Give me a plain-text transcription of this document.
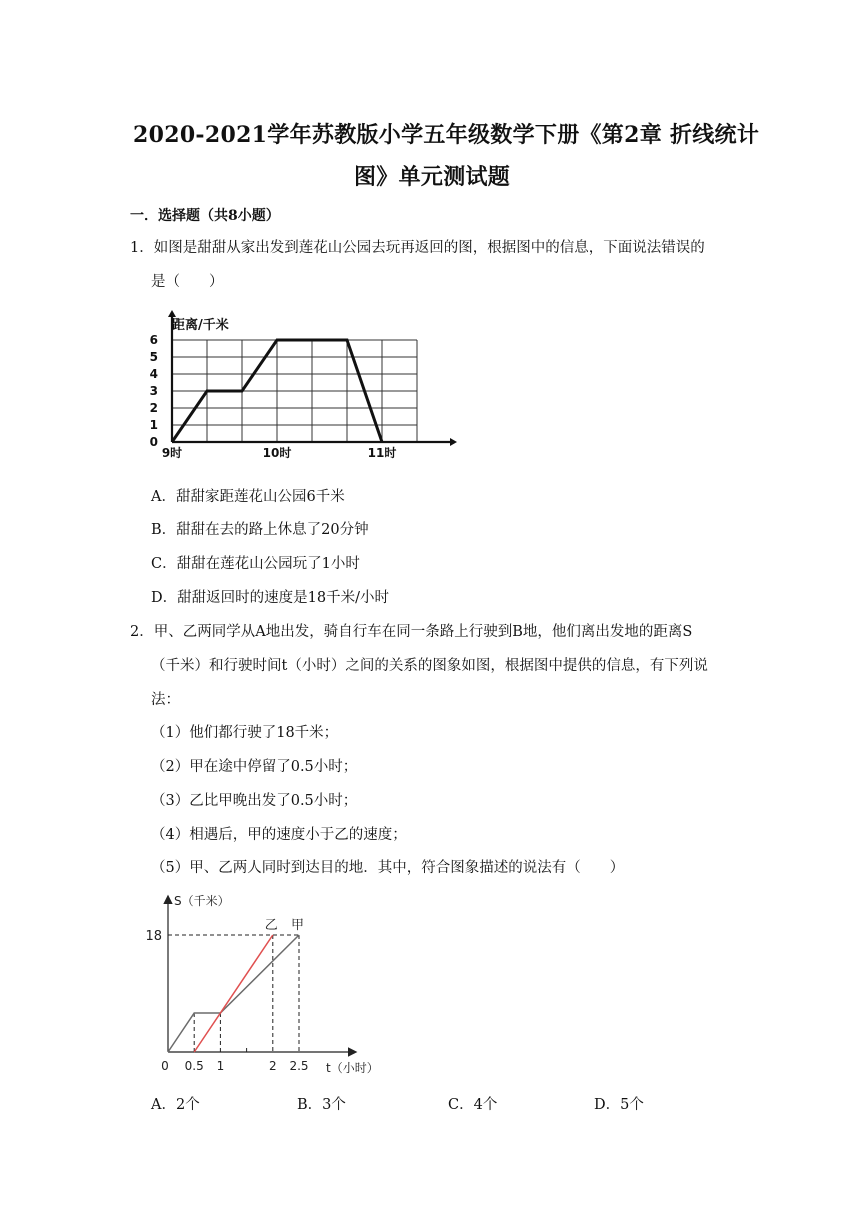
2020-2021学年苏教版小学五年级数学下册《第2章 折线统计
图》单元测试题
一．选择题（共8小题）
1．如图是甜甜从家出发到莲花山公园去玩再返回的图，根据图中的信息，下面说法错误的
是（　　）
距离/千米
0
1
2
3
4
5
6
9时	10时	11时
A．甜甜家距莲花山公园6千米
B．甜甜在去的路上休息了20分钟
C．甜甜在莲花山公园玩了1小时
D．甜甜返回时的速度是18千米/小时
2．甲、乙两同学从A地出发，骑自行车在同一条路上行驶到B地，他们离出发地的距离S
（千米）和行驶时间t（小时）之间的关系的图象如图，根据图中提供的信息，有下列说
法：
（1）他们都行驶了18千米；
（2）甲在途中停留了0.5小时；
（3）乙比甲晚出发了0.5小时；
（4）相遇后，甲的速度小于乙的速度；
（5）甲、乙两人同时到达目的地．其中，符合图象描述的说法有（　　）
S（千米）
t（小时）
乙 甲
0 0.5 1	2 2.5
18
A．2个	B．3个	C．4个	D．5个
